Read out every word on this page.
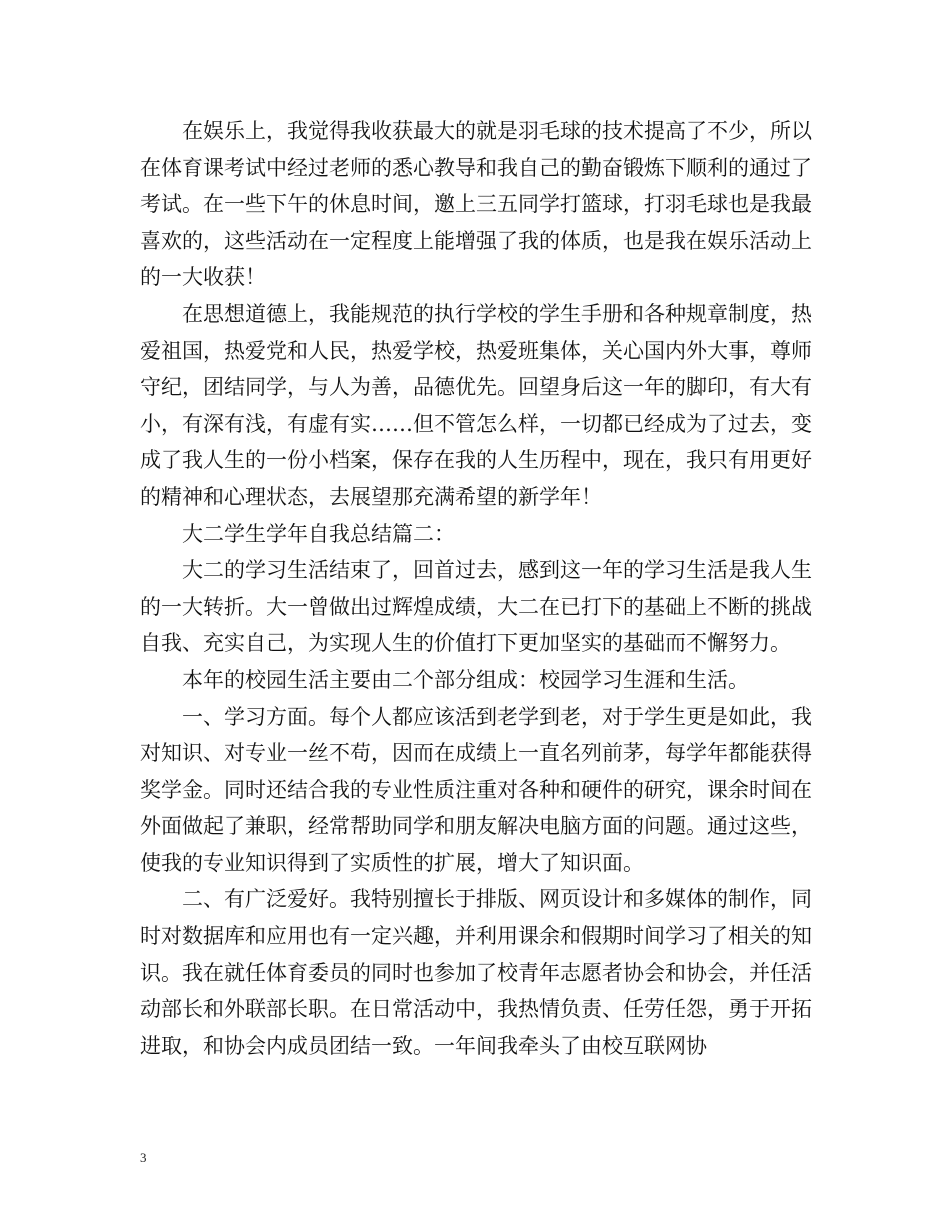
在娱乐上，我觉得我收获最大的就是羽毛球的技术提高了不少，所以在体育课考试中经过老师的悉心教导和我自己的勤奋锻炼下顺利的通过了考试。在一些下午的休息时间，邀上三五同学打篮球，打羽毛球也是我最喜欢的，这些活动在一定程度上能增强了我的体质，也是我在娱乐活动上的一大收获！

在思想道德上，我能规范的执行学校的学生手册和各种规章制度，热爱祖国，热爱党和人民，热爱学校，热爱班集体，关心国内外大事，尊师守纪，团结同学，与人为善，品德优先。回望身后这一年的脚印，有大有小，有深有浅，有虚有实……但不管怎么样，一切都已经成为了过去，变成了我人生的一份小档案，保存在我的人生历程中，现在，我只有用更好的精神和心理状态，去展望那充满希望的新学年！

大二学生学年自我总结篇二：

大二的学习生活结束了，回首过去，感到这一年的学习生活是我人生的一大转折。大一曾做出过辉煌成绩，大二在已打下的基础上不断的挑战自我、充实自己，为实现人生的价值打下更加坚实的基础而不懈努力。

本年的校园生活主要由二个部分组成：校园学习生涯和生活。

一、学习方面。每个人都应该活到老学到老，对于学生更是如此，我对知识、对专业一丝不苟，因而在成绩上一直名列前茅，每学年都能获得奖学金。同时还结合我的专业性质注重对各种和硬件的研究，课余时间在外面做起了兼职，经常帮助同学和朋友解决电脑方面的问题。通过这些，使我的专业知识得到了实质性的扩展，增大了知识面。

二、有广泛爱好。我特别擅长于排版、网页设计和多媒体的制作，同时对数据库和应用也有一定兴趣，并利用课余和假期时间学习了相关的知识。我在就任体育委员的同时也参加了校青年志愿者协会和协会，并任活动部长和外联部长职。在日常活动中，我热情负责、任劳任怨，勇于开拓进取，和协会内成员团结一致。一年间我牵头了由校互联网协

3
